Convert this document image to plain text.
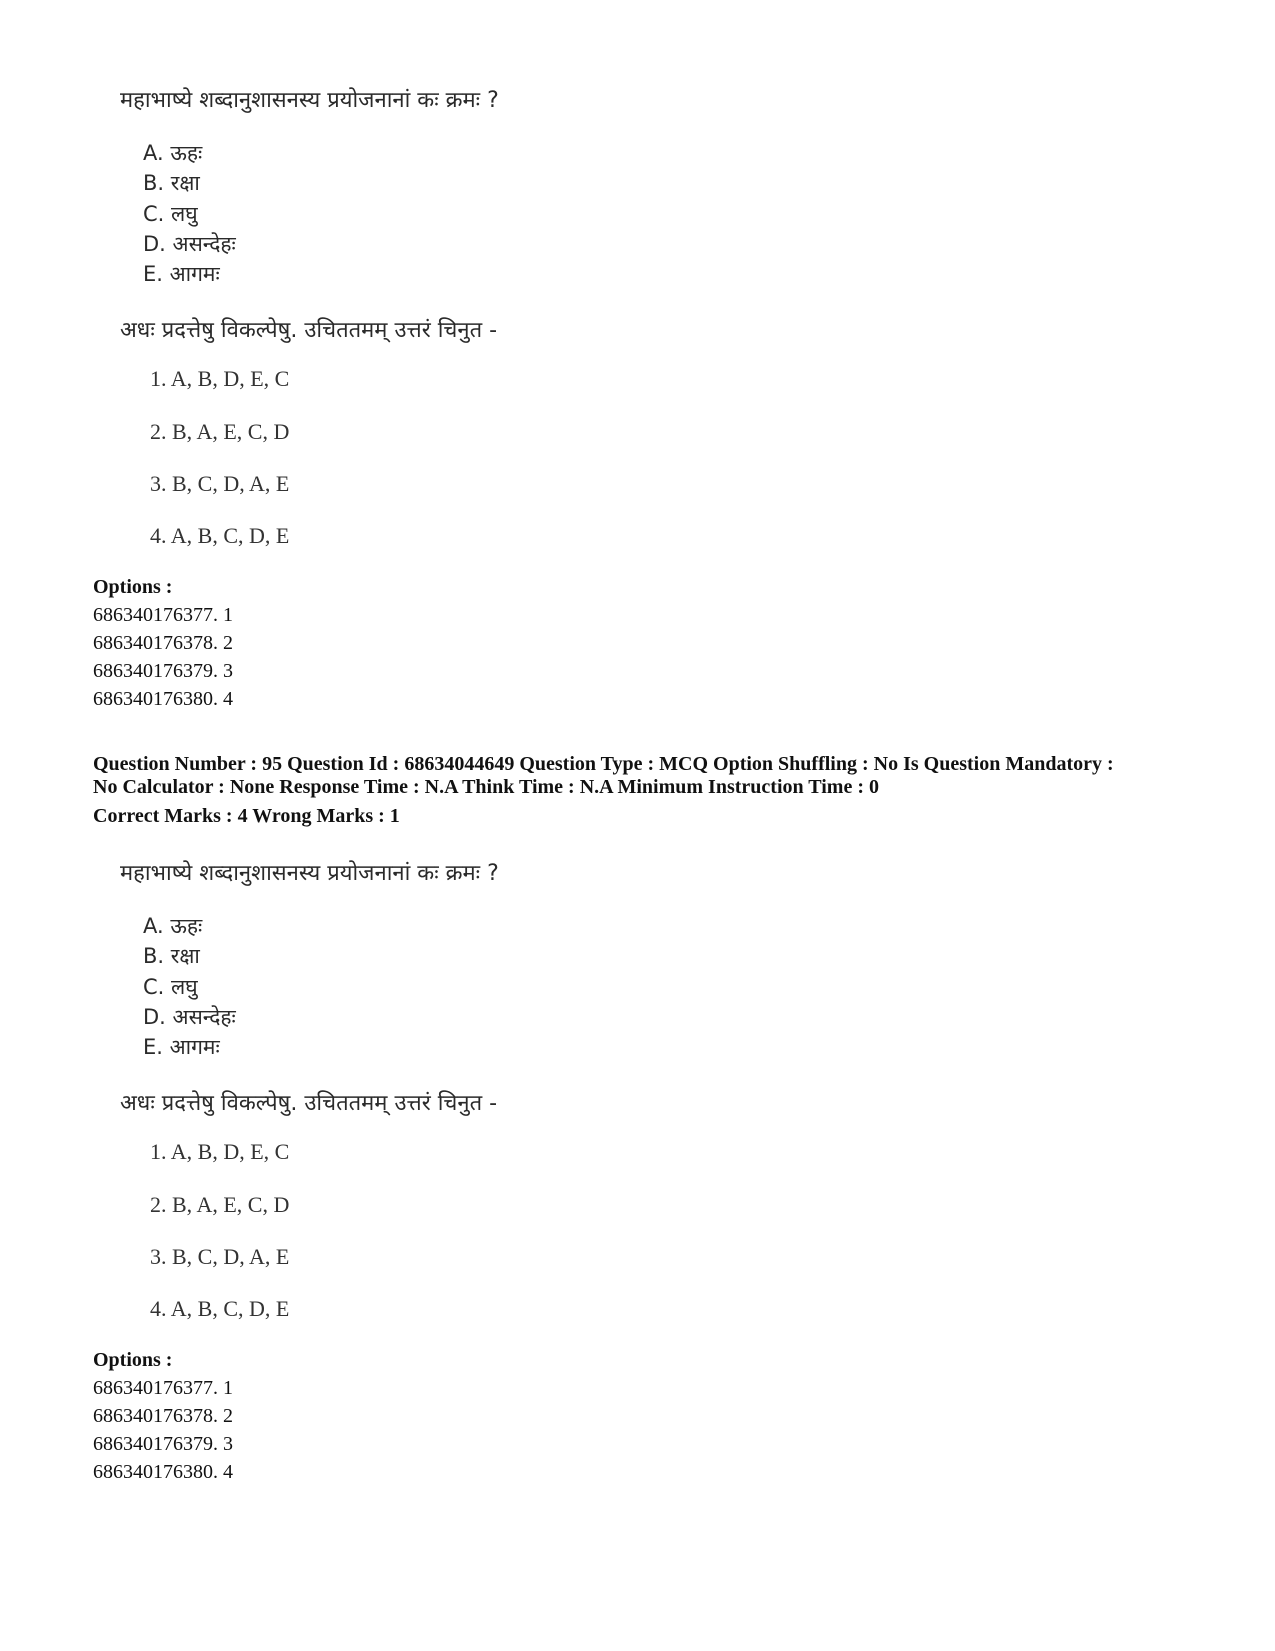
महाभाष्ये शब्दानुशासनस्य प्रयोजनानां कः क्रमः ?
A. ऊहः
B. रक्षा
C. लघु
D. असन्देहः
E. आगमः
अधः प्रदत्तेषु विकल्पेषु. उचिततमम् उत्तरं चिनुत -
1. A, B, D, E, C
2. B, A, E, C, D
3. B, C, D, A, E
4. A, B, C, D, E
Options :
686340176377. 1
686340176378. 2
686340176379. 3
686340176380. 4
Question Number : 95 Question Id : 68634044649 Question Type : MCQ Option Shuffling : No Is Question Mandatory :
No Calculator : None Response Time : N.A Think Time : N.A Minimum Instruction Time : 0
Correct Marks : 4 Wrong Marks : 1
महाभाष्ये शब्दानुशासनस्य प्रयोजनानां कः क्रमः ?
A. ऊहः
B. रक्षा
C. लघु
D. असन्देहः
E. आगमः
अधः प्रदत्तेषु विकल्पेषु. उचिततमम् उत्तरं चिनुत -
1. A, B, D, E, C
2. B, A, E, C, D
3. B, C, D, A, E
4. A, B, C, D, E
Options :
686340176377. 1
686340176378. 2
686340176379. 3
686340176380. 4
